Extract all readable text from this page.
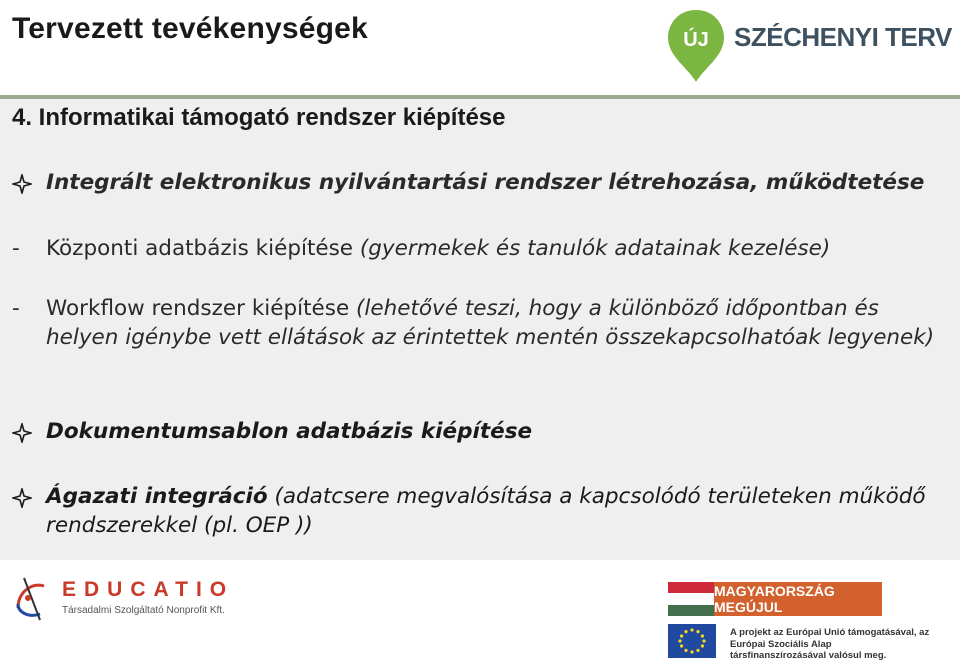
Tervezett tevékenységek	ÚJ SZÉCHENYI TERV
4. Informatikai támogató rendszer kiépítése
Integrált elektronikus nyilvántartási rendszer létrehozása, működtetése
-	Központi adatbázis kiépítése (gyermekek és tanulók adatainak kezelése)
-	Workflow rendszer kiépítése (lehetővé teszi, hogy a különböző időpontban és helyen igénybe vett ellátások az érintettek mentén összekapcsolhatóak legyenek)
Dokumentumsablon adatbázis kiépítése
Ágazati integráció (adatcsere megvalósítása a kapcsolódó területeken működő rendszerekkel (pl. OEP ))
EDUCATIO
Társadalmi Szolgáltató Nonprofit Kft.
MAGYARORSZÁG MEGÚJUL
A projekt az Európai Unió támogatásával, az Európai Szociális Alap társfinanszírozásával valósul meg.
